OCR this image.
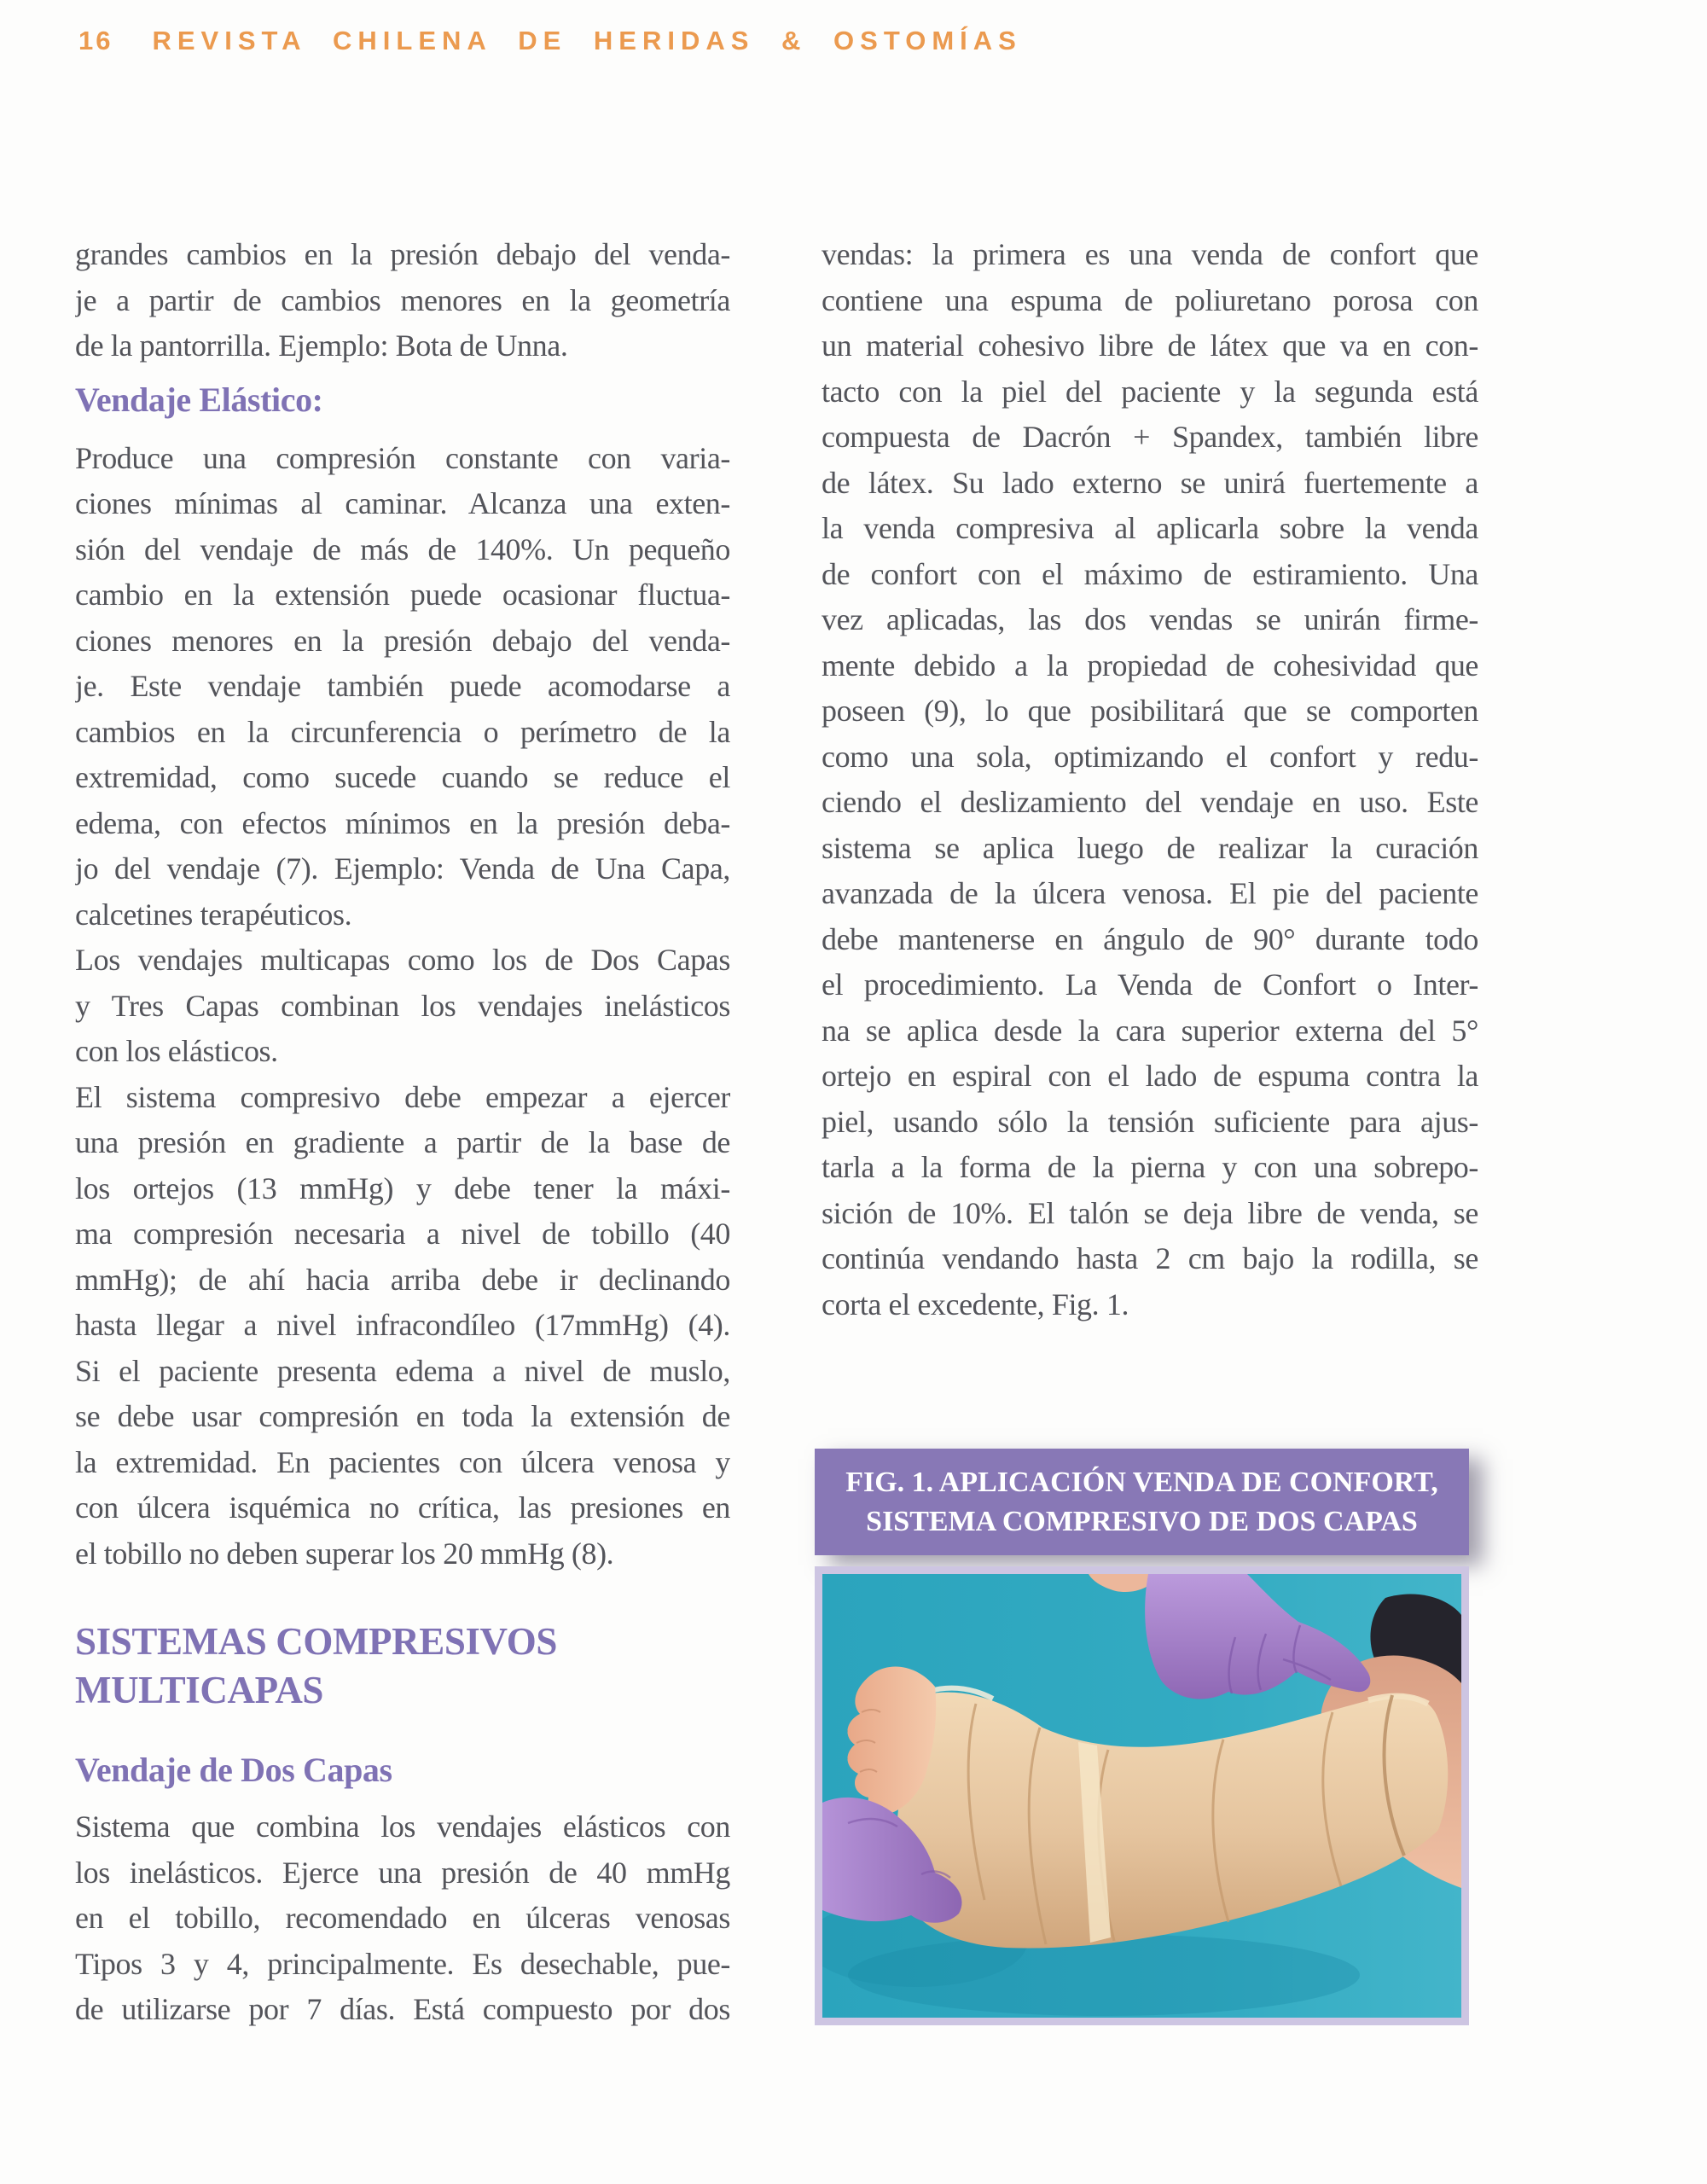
16 REVISTA CHILENA DE HERIDAS & OSTOMÍAS
grandes cambios en la presión debajo del venda-
je a partir de cambios menores en la geometría
de la pantorrilla. Ejemplo: Bota de Unna.
Vendaje Elástico:
Produce una compresión constante con varia-
ciones mínimas al caminar. Alcanza una exten-
sión del vendaje de más de 140%. Un pequeño
cambio en la extensión puede ocasionar fluctua-
ciones menores en la presión debajo del venda-
je. Este vendaje también puede acomodarse a
cambios en la circunferencia o perímetro de la
extremidad, como sucede cuando se reduce el
edema, con efectos mínimos en la presión deba-
jo del vendaje (7). Ejemplo: Venda de Una Capa,
calcetines terapéuticos.
Los vendajes multicapas como los de Dos Capas
y Tres Capas combinan los vendajes inelásticos
con los elásticos.
El sistema compresivo debe empezar a ejercer
una presión en gradiente a partir de la base de
los ortejos (13 mmHg) y debe tener la máxi-
ma compresión necesaria a nivel de tobillo (40
mmHg); de ahí hacia arriba debe ir declinando
hasta llegar a nivel infracondíleo (17mmHg) (4).
Si el paciente presenta edema a nivel de muslo,
se debe usar compresión en toda la extensión de
la extremidad. En pacientes con úlcera venosa y
con úlcera isquémica no crítica, las presiones en
el tobillo no deben superar los 20 mmHg (8).
SISTEMAS COMPRESIVOS
MULTICAPAS
Vendaje de Dos Capas
Sistema que combina los vendajes elásticos con
los inelásticos. Ejerce una presión de 40 mmHg
en el tobillo, recomendado en úlceras venosas
Tipos 3 y 4, principalmente. Es desechable, pue-
de utilizarse por 7 días. Está compuesto por dos
vendas: la primera es una venda de confort que
contiene una espuma de poliuretano porosa con
un material cohesivo libre de látex que va en con-
tacto con la piel del paciente y la segunda está
compuesta de Dacrón + Spandex, también libre
de látex. Su lado externo se unirá fuertemente a
la venda compresiva al aplicarla sobre la venda
de confort con el máximo de estiramiento. Una
vez aplicadas, las dos vendas se unirán firme-
mente debido a la propiedad de cohesividad que
poseen (9), lo que posibilitará que se comporten
como una sola, optimizando el confort y redu-
ciendo el deslizamiento del vendaje en uso. Este
sistema se aplica luego de realizar la curación
avanzada de la úlcera venosa. El pie del paciente
debe mantenerse en ángulo de 90° durante todo
el procedimiento. La Venda de Confort o Inter-
na se aplica desde la cara superior externa del 5°
ortejo en espiral con el lado de espuma contra la
piel, usando sólo la tensión suficiente para ajus-
tarla a la forma de la pierna y con una sobrepo-
sición de 10%. El talón se deja libre de venda, se
continúa vendando hasta 2 cm bajo la rodilla, se
corta el excedente, Fig. 1.
FIG. 1. APLICACIÓN VENDA DE CONFORT,
SISTEMA COMPRESIVO DE DOS CAPAS
